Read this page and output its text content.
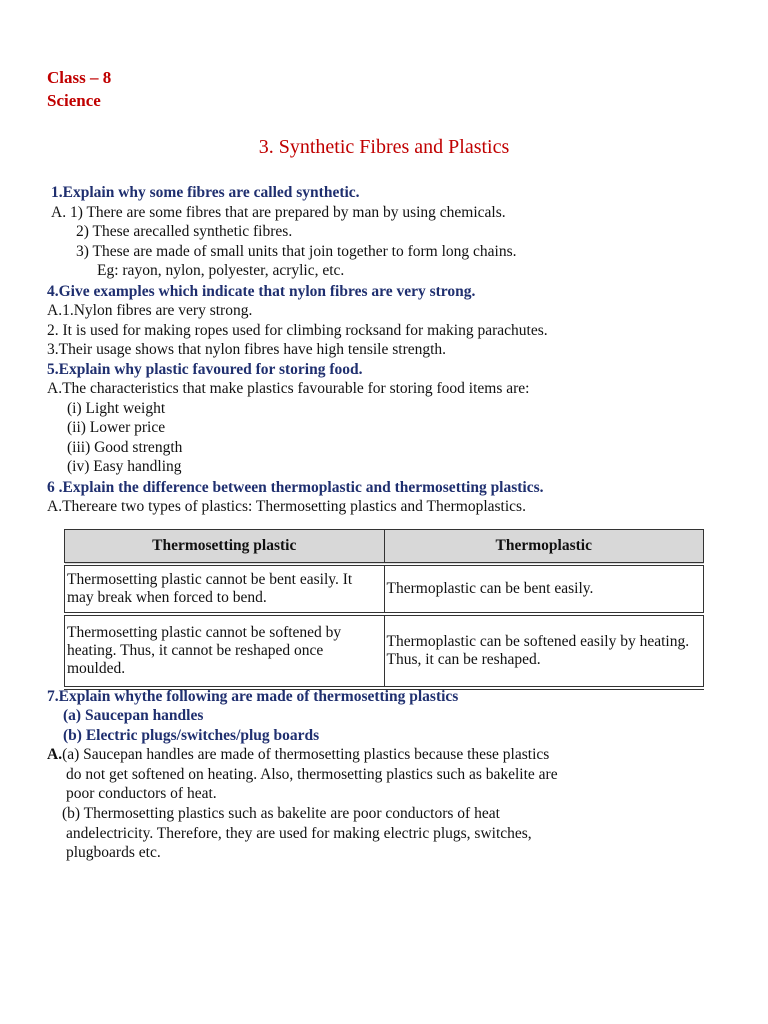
Class – 8
Science
3. Synthetic Fibres and Plastics
1.Explain why some fibres are called synthetic.
A. 1) There are some fibres that are prepared by man by using chemicals.
2) These arecalled synthetic fibres.
3) These are made of small units that join together to form long chains.
Eg: rayon, nylon, polyester, acrylic, etc.
4.Give examples which indicate that nylon fibres are very strong.
A.1.Nylon fibres are very strong.
2. It is used for making ropes used for climbing rocksand for making parachutes.
3.Their usage shows that nylon fibres have high tensile strength.
5.Explain why plastic favoured for storing food.
A.The characteristics that make plastics favourable for storing food items are:
(i) Light weight
(ii) Lower price
(iii) Good strength
(iv) Easy handling
6 .Explain the difference between thermoplastic and thermosetting plastics.
A.Thereare two types of plastics: Thermosetting plastics and Thermoplastics.
Thermosetting plastic	Thermoplastic
Thermosetting plastic cannot be bent easily. It may break when forced to bend.	Thermoplastic can be bent easily.
Thermosetting plastic cannot be softened by heating. Thus, it cannot be reshaped once moulded.	Thermoplastic can be softened easily by heating. Thus, it can be reshaped.
7.Explain whythe following are made of thermosetting plastics
(a) Saucepan handles
(b) Electric plugs/switches/plug boards
A.(a) Saucepan handles are made of thermosetting plastics because these plastics
do not get softened on heating. Also, thermosetting plastics such as bakelite are
poor conductors of heat.
(b) Thermosetting plastics such as bakelite are poor conductors of heat
andelectricity. Therefore, they are used for making electric plugs, switches,
plugboards etc.
